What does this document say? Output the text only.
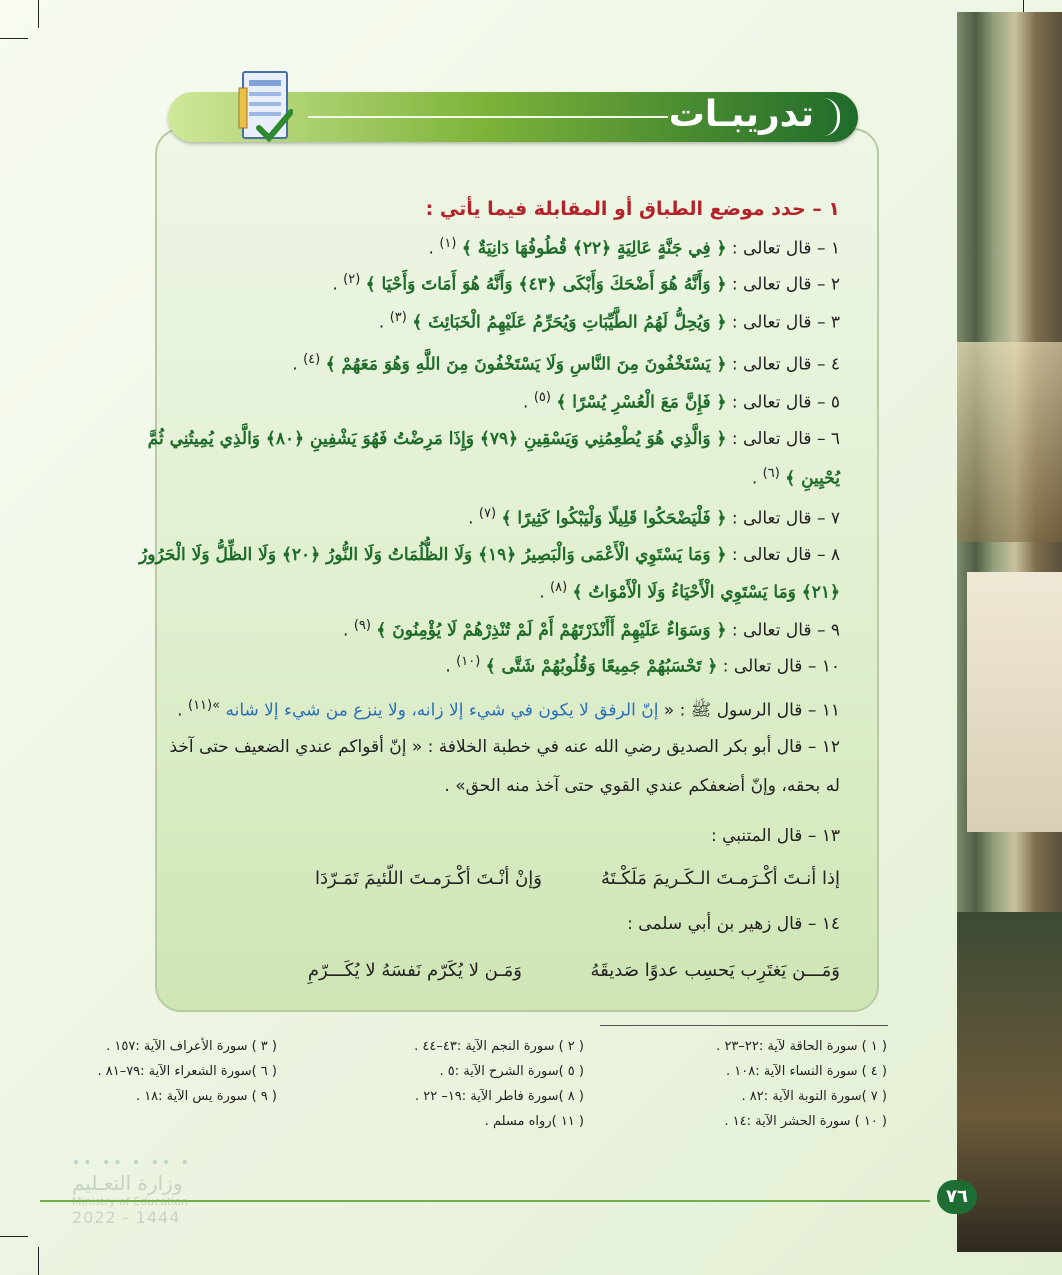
تدريبـات
١ – حدد موضع الطباق أو المقابلة فيما يأتي :
١ – قال تعالى : ﴿ فِي جَنَّةٍ عَالِيَةٍ ﴿٢٢﴾ قُطُوفُهَا دَانِيَةٌ ﴾ $^{(١)}$ .
٢ – قال تعالى : ﴿ وَأَنَّهُ هُوَ أَضْحَكَ وَأَبْكَى ﴿٤٣﴾ وَأَنَّهُ هُوَ أَمَاتَ وَأَحْيَا ﴾ $^{(٢)}$ .
٣ – قال تعالى : ﴿ وَيُحِلُّ لَهُمُ الطَّيِّبَاتِ وَيُحَرِّمُ عَلَيْهِمُ الْخَبَائِثَ ﴾ $^{(٣)}$ .
٤ – قال تعالى : ﴿ يَسْتَخْفُونَ مِنَ النَّاسِ وَلَا يَسْتَخْفُونَ مِنَ اللَّهِ وَهُوَ مَعَهُمْ ﴾ $^{(٤)}$ .
٥ – قال تعالى : ﴿ فَإِنَّ مَعَ الْعُسْرِ يُسْرًا ﴾ $^{(٥)}$ .
٦ – قال تعالى : ﴿ وَالَّذِي هُوَ يُطْعِمُنِي وَيَسْقِينِ ﴿٧٩﴾ وَإِذَا مَرِضْتُ فَهُوَ يَشْفِينِ ﴿٨٠﴾ وَالَّذِي يُمِيتُنِي ثُمَّ
يُحْيِينِ ﴾ $^{(٦)}$ .
٧ – قال تعالى : ﴿ فَلْيَضْحَكُوا قَلِيلًا وَلْيَبْكُوا كَثِيرًا ﴾ $^{(٧)}$ .
٨ – قال تعالى : ﴿ وَمَا يَسْتَوِي الْأَعْمَى وَالْبَصِيرُ ﴿١٩﴾ وَلَا الظُّلُمَاتُ وَلَا النُّورُ ﴿٢٠﴾ وَلَا الظِّلُّ وَلَا الْحَرُورُ
﴿٢١﴾ وَمَا يَسْتَوِي الْأَحْيَاءُ وَلَا الْأَمْوَاتُ ﴾ $^{(٨)}$ .
٩ – قال تعالى : ﴿ وَسَوَاءٌ عَلَيْهِمْ أَأَنْذَرْتَهُمْ أَمْ لَمْ تُنْذِرْهُمْ لَا يُؤْمِنُونَ ﴾ $^{(٩)}$ .
١٠ – قال تعالى : ﴿ تَحْسَبُهُمْ جَمِيعًا وَقُلُوبُهُمْ شَتَّى ﴾ $^{(١٠)}$ .
١١ – قال الرسول ﷺ : « إنّ الرفق لا يكون في شيء إلا زانه، ولا ينزع من شيء إلا شانه $^{»(١١)}$ .
١٢ – قال أبو بكر الصديق رضي الله عنه في خطبة الخلافة : « إنّ أقواكم عندي الضعيف حتى آخذ
له بحقه، وإنّ أضعفكم عندي القوي حتى آخذ منه الحق» .
١٣ – قال المتنبي :
إذا أنـتَ أكْـرَمـتَ الـكَـريمَ مَلَكْـتَهُ
وَإنْ أنْـتَ أكْـرَمـتَ اللّئيمَ تَمَـرّدَا
١٤ – قال زهير بن أبي سلمى :
وَمَـــن يَغتَرِب يَحسِب عدوًا صَديقَهُ
وَمَـن لا يُكَرّم نَفسَهُ لا يُكَـــرّمِ
( ١ ) سورة الحاقة لآية :٢٢–٢٣ .
( ٢ ) سورة النجم الآية :٤٣–٤٤ .
( ٣ ) سورة الأعراف الآية :١٥٧ .
( ٤ ) سورة النساء الآية :١٠٨ .
( ٥ )سورة الشرح الآية :٥ .
( ٦ )سورة الشعراء الآية :٧٩–٨١ .
( ٧ )سورة التوبة الآية :٨٢ .
( ٨ )سورة فاطر الآية :١٩– ٢٢ .
( ٩ ) سورة يس الآية :١٨ .
( ١٠ ) سورة الحشر الآية :١٤ .
( ١١ )رواه مسلم .
•• •• • •• •
وزارة التعـليم
2022 - 1444
٧٦
